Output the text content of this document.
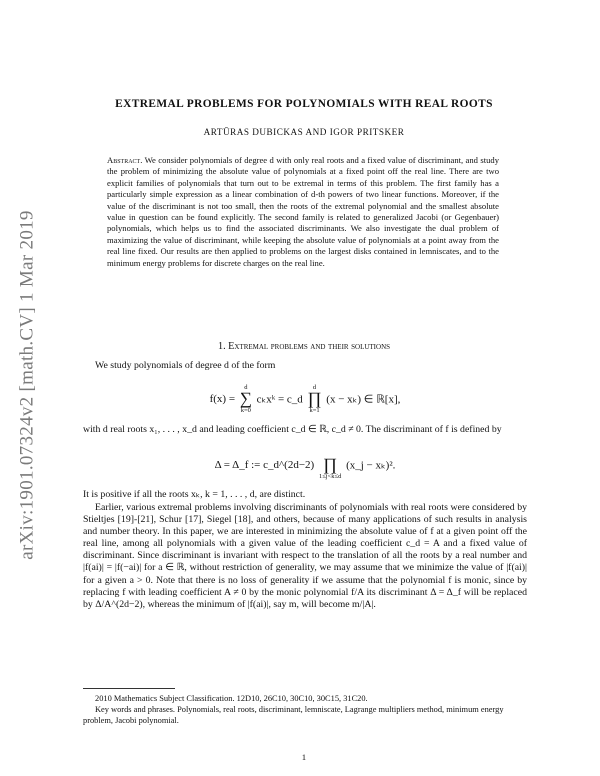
arXiv:1901.07324v2 [math.CV] 1 Mar 2019
EXTREMAL PROBLEMS FOR POLYNOMIALS WITH REAL ROOTS
ARTŪRAS DUBICKAS AND IGOR PRITSKER
Abstract. We consider polynomials of degree d with only real roots and a fixed value of discriminant, and study the problem of minimizing the absolute value of polynomials at a fixed point off the real line. There are two explicit families of polynomials that turn out to be extremal in terms of this problem. The first family has a particularly simple expression as a linear combination of d-th powers of two linear functions. Moreover, if the value of the discriminant is not too small, then the roots of the extremal polynomial and the smallest absolute value in question can be found explicitly. The second family is related to generalized Jacobi (or Gegenbauer) polynomials, which helps us to find the associated discriminants. We also investigate the dual problem of maximizing the value of discriminant, while keeping the absolute value of polynomials at a point away from the real line fixed. Our results are then applied to problems on the largest disks contained in lemniscates, and to the minimum energy problems for discrete charges on the real line.
1. Extremal problems and their solutions
We study polynomials of degree d of the form
f(x) =
d
∑
k=0
cₖxᵏ = c_d
d
∏
k=1
(x − xₖ) ∈ ℝ[x],
with d real roots x₁, . . . , x_d and leading coefficient c_d ∈ ℝ, c_d ≠ 0. The discriminant of f is defined by
Δ = Δ_f := c_d^(2d−2)
∏
1≤j<k≤d
(x_j − xₖ)².
It is positive if all the roots xₖ, k = 1, . . . , d, are distinct.
Earlier, various extremal problems involving discriminants of polynomials with real roots were considered by Stieltjes [19]-[21], Schur [17], Siegel [18], and others, because of many applications of such results in analysis and number theory. In this paper, we are interested in minimizing the absolute value of f at a given point off the real line, among all polynomials with a given value of the leading coefficient c_d = A and a fixed value of discriminant. Since discriminant is invariant with respect to the translation of all the roots by a real number and |f(ai)| = |f(−ai)| for a ∈ ℝ, without restriction of generality, we may assume that we minimize the value of |f(ai)| for a given a > 0. Note that there is no loss of generality if we assume that the polynomial f is monic, since by replacing f with leading coefficient A ≠ 0 by the monic polynomial f/A its discriminant Δ = Δ_f will be replaced by Δ/A^(2d−2), whereas the minimum of |f(ai)|, say m, will become m/|A|.

2010 Mathematics Subject Classification. 12D10, 26C10, 30C10, 30C15, 31C20.

Key words and phrases. Polynomials, real roots, discriminant, lemniscate, Lagrange multipliers method, minimum energy problem, Jacobi polynomial.

1
